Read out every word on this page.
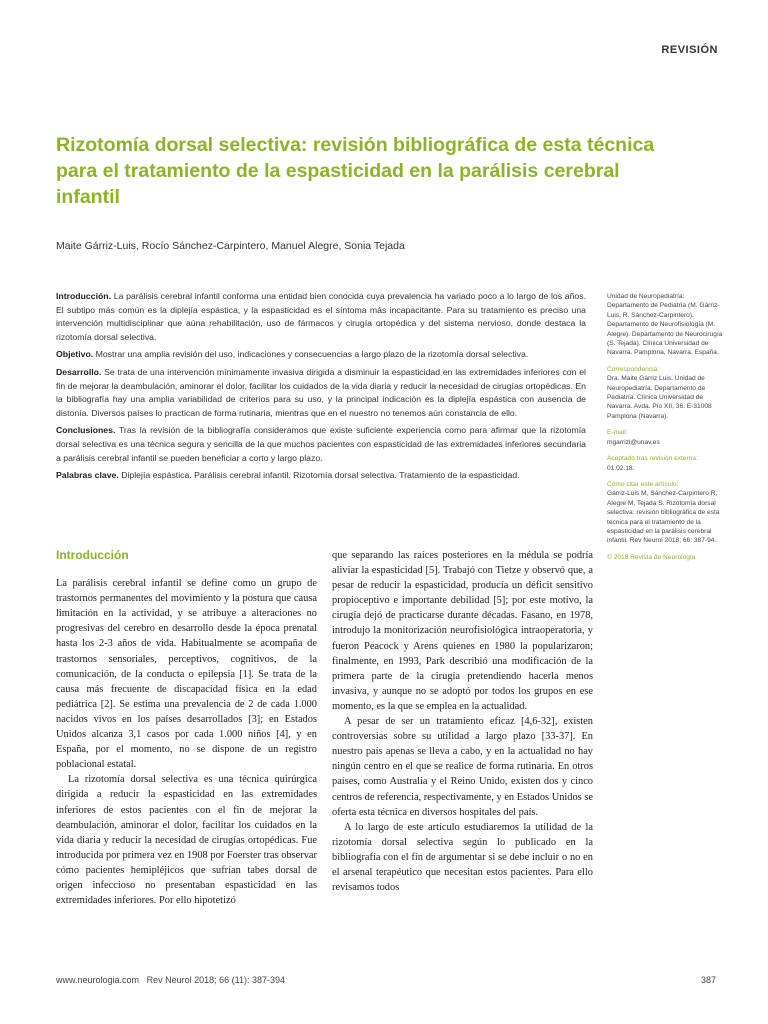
REVISIÓN
Rizotomía dorsal selectiva: revisión bibliográfica de esta técnica para el tratamiento de la espasticidad en la parálisis cerebral infantil
Maite Gárriz-Luis, Rocío Sánchez-Carpintero, Manuel Alegre, Sonia Tejada

Introducción. La parálisis cerebral infantil conforma una entidad bien conocida cuya prevalencia ha variado poco a lo largo de los años. El subtipo más común es la diplejía espástica, y la espasticidad es el síntoma más incapacitante. Para su tratamiento es preciso una intervención multidisciplinar que aúna rehabilitación, uso de fármacos y cirugía ortopédica y del sistema nervioso, donde destaca la rizotomía dorsal selectiva.

Objetivo. Mostrar una amplia revisión del uso, indicaciones y consecuencias a largo plazo de la rizotomía dorsal selectiva.

Desarrollo. Se trata de una intervención mínimamente invasiva dirigida a disminuir la espasticidad en las extremidades inferiores con el fin de mejorar la deambulación, aminorar el dolor, facilitar los cuidados de la vida diaria y reducir la necesidad de cirugías ortopédicas. En la bibliografía hay una amplia variabilidad de criterios para su uso, y la principal indicación es la diplejía espástica con ausencia de distonía. Diversos países lo practican de forma rutinaria, mientras que en el nuestro no tenemos aún constancia de ello.

Conclusiones. Tras la revisión de la bibliografía consideramos que existe suficiente experiencia como para afirmar que la rizotomía dorsal selectiva es una técnica segura y sencilla de la que muchos pacientes con espasticidad de las extremidades inferiores secundaria a parálisis cerebral infantil se pueden beneficiar a corto y largo plazo.

Palabras clave. Diplejía espástica. Parálisis cerebral infantil. Rizotomía dorsal selectiva. Tratamiento de la espasticidad.

Unidad de Neuropediatría; Departamento de Pediatría (M. Gárriz-Luis, R. Sánchez-Carpintero). Departamento de Neurofisiología (M. Alegre). Departamento de Neurocirugía (S. Tejada). Clínica Universidad de Navarra. Pamplona, Navarra, España.
Correspondencia:
Dra. Maite Gárriz Luis. Unidad de Neuropediatría. Departamento de Pediatría. Clínica Universidad de Navarra. Avda. Pío XII, 36. E-31008 Pamplona (Navarra).
E-mail:
mgarrizl@unav.es
Aceptado tras revisión externa:
01.02.18.
Cómo citar este artículo:
Gárriz-Luis M, Sánchez-Carpintero R, Alegre M, Tejada S. Rizotomía dorsal selectiva: revisión bibliográfica de esta técnica para el tratamiento de la espasticidad en la parálisis cerebral infantil. Rev Neurol 2018; 66: 387-94.
© 2018 Revista de Neurología
Introducción

La parálisis cerebral infantil se define como un grupo de trastornos permanentes del movimiento y la postura que causa limitación en la actividad, y se atribuye a alteraciones no progresivas del cerebro en desarrollo desde la época prenatal hasta los 2-3 años de vida. Habitualmente se acompaña de trastornos sensoriales, perceptivos, cognitivos, de la comunicación, de la conducta o epilepsia [1]. Se trata de la causa más frecuente de discapacidad física en la edad pediátrica [2]. Se estima una prevalencia de 2 de cada 1.000 nacidos vivos en los países desarrollados [3]; en Estados Unidos alcanza 3,1 casos por cada 1.000 niños [4], y en España, por el momento, no se dispone de un registro poblacional estatal.

La rizotomía dorsal selectiva es una técnica quirúrgica dirigida a reducir la espasticidad en las extremidades inferiores de estos pacientes con el fin de mejorar la deambulación, aminorar el dolor, facilitar los cuidados en la vida diaria y reducir la necesidad de cirugías ortopédicas. Fue introducida por primera vez en 1908 por Foerster tras observar cómo pacientes hemipléjicos que sufrían tabes dorsal de origen infeccioso no presentaban espasticidad en las extremidades inferiores. Por ello hipotetizó

que separando las raíces posteriores en la médula se podría aliviar la espasticidad [5]. Trabajó con Tietze y observó que, a pesar de reducir la espasticidad, producía un déficit sensitivo propioceptivo e importante debilidad [5]; por este motivo, la cirugía dejó de practicarse durante décadas. Fasano, en 1978, introdujo la monitorización neurofisiológica intraoperatoria, y fueron Peacock y Arens quienes en 1980 la popularizaron; finalmente, en 1993, Park describió una modificación de la primera parte de la cirugía pretendiendo hacerla menos invasiva, y aunque no se adoptó por todos los grupos en ese momento, es la que se emplea en la actualidad.

A pesar de ser un tratamiento eficaz [4,6-32], existen controversias sobre su utilidad a largo plazo [33-37]. En nuestro país apenas se lleva a cabo, y en la actualidad no hay ningún centro en el que se realice de forma rutinaria. En otros países, como Australia y el Reino Unido, existen dos y cinco centros de referencia, respectivamente, y en Estados Unidos se oferta esta técnica en diversos hospitales del país.

A lo largo de este artículo estudiaremos la utilidad de la rizotomía dorsal selectiva según lo publicado en la bibliografía con el fin de argumentar si se debe incluir o no en el arsenal terapéutico que necesitan estos pacientes. Para ello revisamos todos

www.neurologia.com Rev Neurol 2018; 66 (11): 387-394	387
